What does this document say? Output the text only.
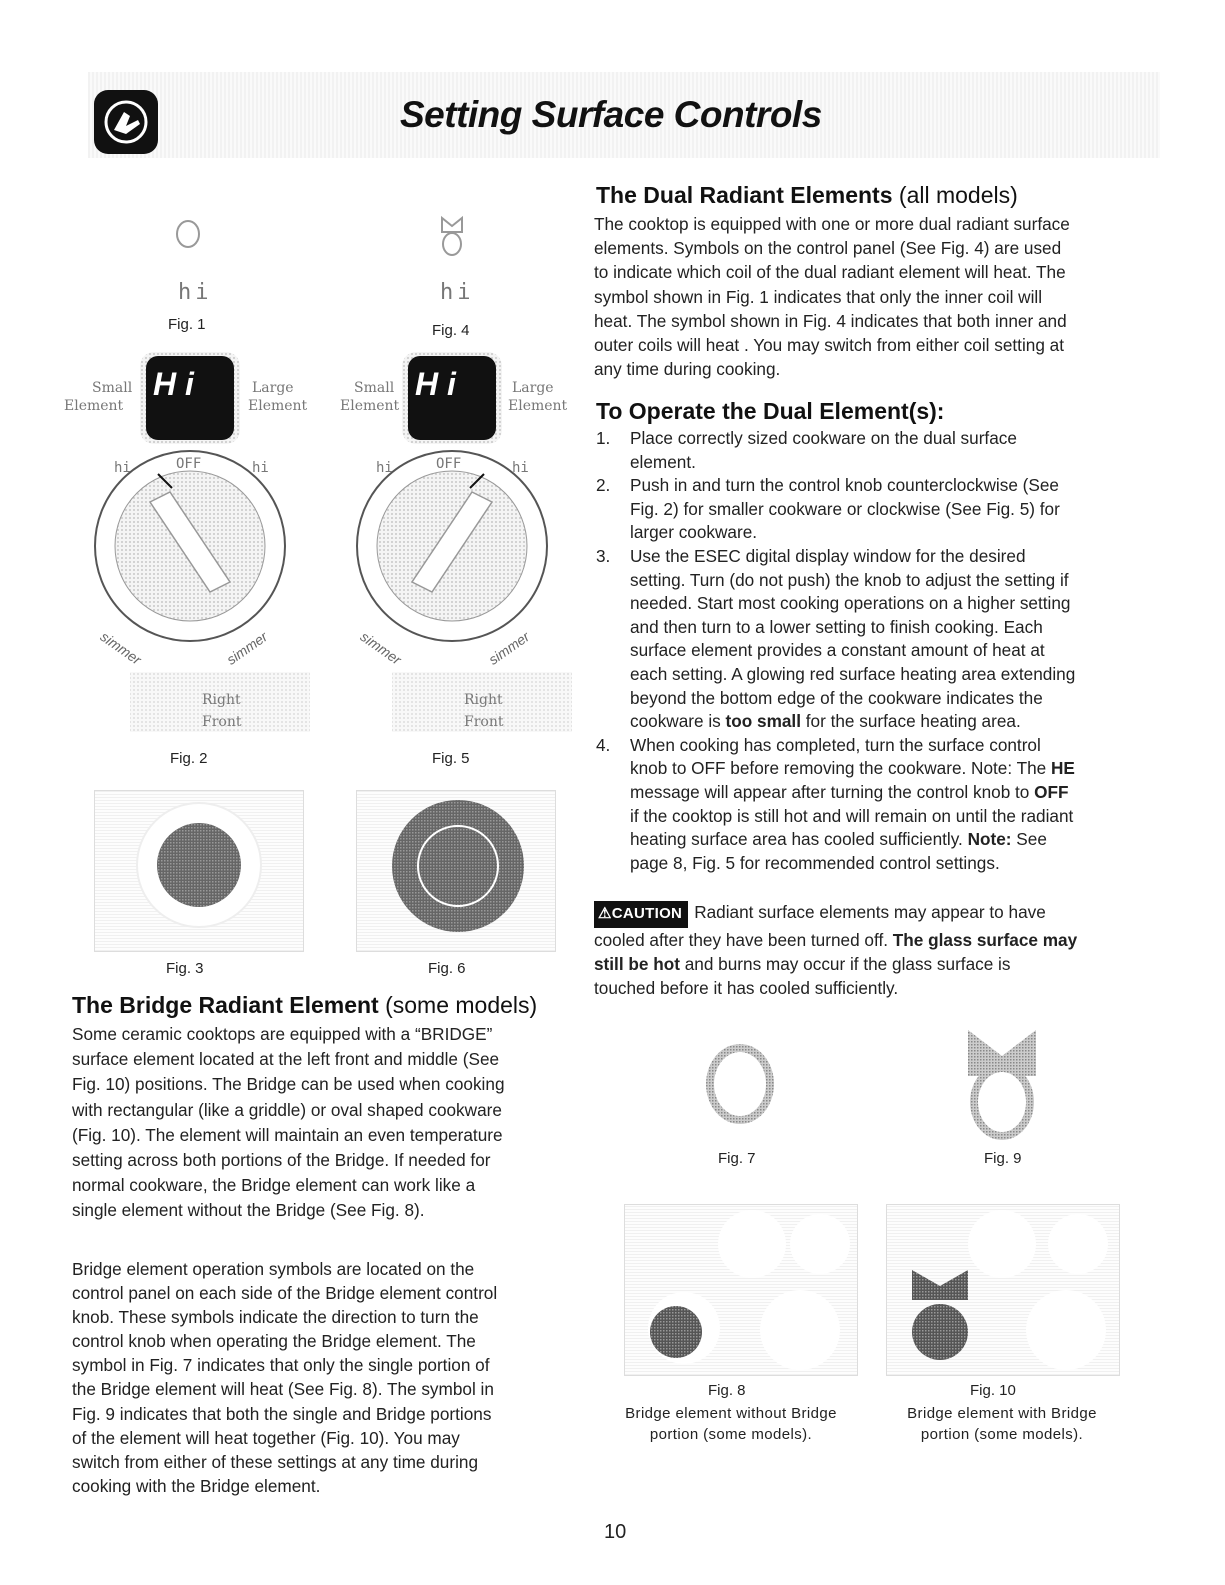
Setting Surface Controls
hi
Fig. 1
hi
Fig. 4
H i
Small
Element
Large
Element
hi	OFF	hi
simmer	simmer
Right
Front
Fig. 2
H i
Small
Element
Large
Element
hi	OFF	hi
simmer	simmer
Right
Front
Fig. 5
Fig. 3	Fig. 6
The Dual Radiant Elements (all models)
The cooktop is equipped with one or more dual radiant surface
elements. Symbols on the control panel (See Fig. 4) are used
to indicate which coil of the dual radiant element will heat. The
symbol shown in Fig. 1 indicates that only the inner coil will
heat. The symbol shown in Fig. 4 indicates that both inner and
outer coils will heat . You may switch from either coil setting at
any time during cooking.
To Operate the Dual Element(s):
1. Place correctly sized cookware on the dual surface
element.
2. Push in and turn the control knob counterclockwise (See
Fig. 2) for smaller cookware or clockwise (See Fig. 5) for
larger cookware.
3. Use the ESEC digital display window for the desired
setting. Turn (do not push) the knob to adjust the setting if
needed. Start most cooking operations on a higher setting
and then turn to a lower setting to finish cooking. Each
surface element provides a constant amount of heat at
each setting. A glowing red surface heating area extending
beyond the bottom edge of the cookware indicates the
cookware is too small for the surface heating area.
4. When cooking has completed, turn the surface control
knob to OFF before removing the cookware. Note: The HE
message will appear after turning the control knob to OFF
if the cooktop is still hot and will remain on until the radiant
heating surface area has cooled sufficiently. Note: See
page 8, Fig. 5 for recommended control settings.
⚠CAUTION Radiant surface elements may appear to have
cooled after they have been turned off. The glass surface may
still be hot and burns may occur if the glass surface is
touched before it has cooled sufficiently.
Fig. 7	Fig. 9
Fig. 8
Bridge element without Bridge
portion (some models).
Fig. 10
Bridge element with Bridge
portion (some models).
The Bridge Radiant Element (some models)
Some ceramic cooktops are equipped with a “BRIDGE”
surface element located at the left front and middle (See
Fig. 10) positions. The Bridge can be used when cooking
with rectangular (like a griddle) or oval shaped cookware
(Fig. 10). The element will maintain an even temperature
setting across both portions of the Bridge. If needed for
normal cookware, the Bridge element can work like a
single element without the Bridge (See Fig. 8).
Bridge element operation symbols are located on the
control panel on each side of the Bridge element control
knob. These symbols indicate the direction to turn the
control knob when operating the Bridge element. The
symbol in Fig. 7 indicates that only the single portion of
the Bridge element will heat (See Fig. 8). The symbol in
Fig. 9 indicates that both the single and Bridge portions
of the element will heat together (Fig. 10). You may
switch from either of these settings at any time during
cooking with the Bridge element.
10
